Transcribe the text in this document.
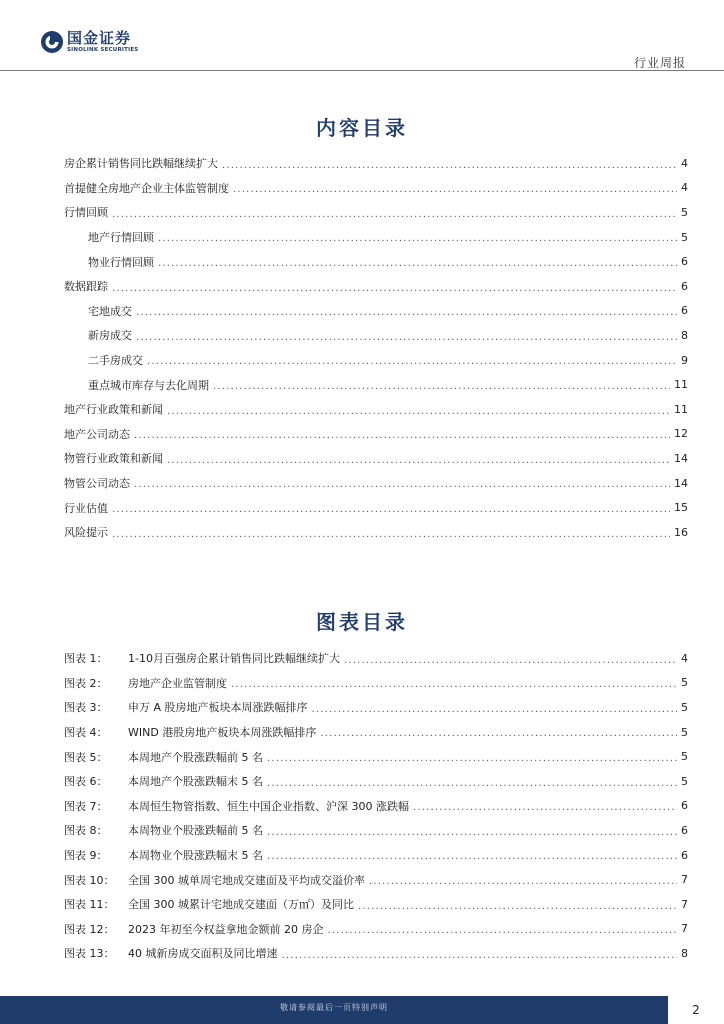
国金证券
SINOLINK SECURITIES
行业周报
内容目录
房企累计销售同比跌幅继续扩大 .....	4
首提健全房地产企业主体监管制度 .....	4
行情回顾 .....	5
地产行情回顾 .....	5
物业行情回顾 .....	6
数据跟踪 .....	6
宅地成交 .....	6
新房成交 .....	8
二手房成交 .....	9
重点城市库存与去化周期 .....	11
地产行业政策和新闻 .....	11
地产公司动态 .....	12
物管行业政策和新闻 .....	14
物管公司动态 .....	14
行业估值 .....	15
风险提示 .....	16
图表目录
图表 1： 1-10月百强房企累计销售同比跌幅继续扩大 .....	4
图表 2： 房地产企业监管制度 .....	5
图表 3： 申万 A 股房地产板块本周涨跌幅排序 .....	5
图表 4： WIND 港股房地产板块本周涨跌幅排序 .....	5
图表 5： 本周地产个股涨跌幅前 5 名 .....	5
图表 6： 本周地产个股涨跌幅末 5 名 .....	5
图表 7： 本周恒生物管指数、恒生中国企业指数、沪深 300 涨跌幅 .....	6
图表 8： 本周物业个股涨跌幅前 5 名 .....	6
图表 9： 本周物业个股涨跌幅末 5 名 .....	6
图表 10： 全国 300 城单周宅地成交建面及平均成交溢价率 .....	7
图表 11： 全国 300 城累计宅地成交建面（万㎡）及同比 .....	7
图表 12： 2023 年初至今权益拿地金额前 20 房企 .....	7
图表 13： 40 城新房成交面积及同比增速 .....	8
敬请参阅最后一页特别声明	2
